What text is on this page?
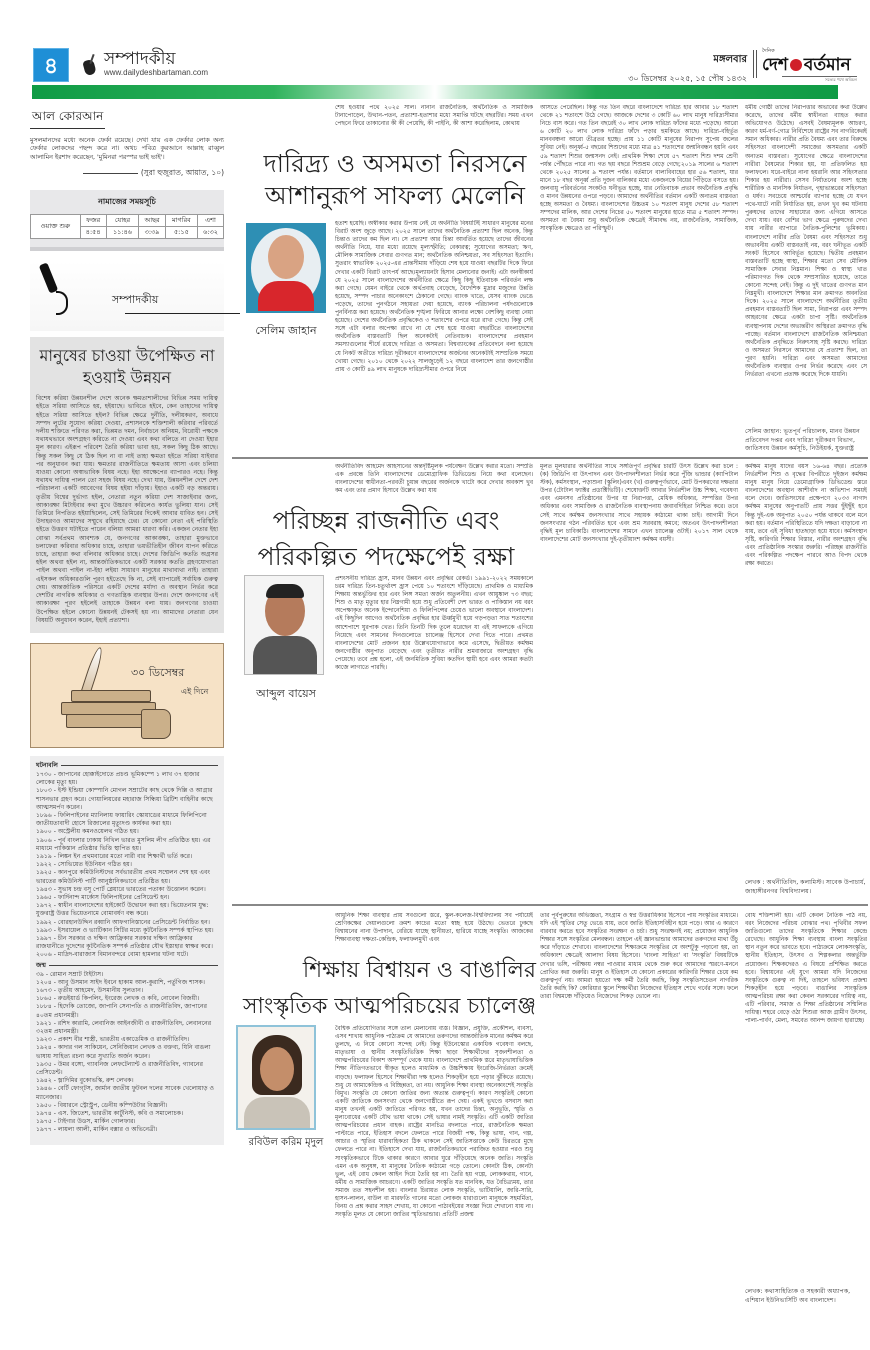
৪	সম্পাদকীয়
www.dailydeshbartaman.com
মঙ্গলবার
৩০ ডিসেম্বর ২০২৫, ১৫ পৌষ ১৪৩২
দৈনিক
দেশ বর্তমান
সত্যের পথে অবিচল
আল কোরআন
মুসলমানদের মধ্যে অনেক ফের্কা রয়েছে। দেখা যায় এক ফের্কার লোক অন্য ফের্কার লোকদের পছন্দ করে না। অথচ পবিত্র কুরআনে আল্লাহ রাব্বুল আলামিন ইরশাদ করেছেন, 'মুমিনরা পরস্পর ভাই ভাই'।
(সুরা হুজুরাত, আয়াত, ১০)
নামাজের সময়সূচি
ওয়াক্ত শুরু	ফজর	যোহর	আছর	মাগরিব	এশা
	৪:৫৪	১১:৪৬	৩:৩৯	৫:১৫	৬:৩২
সম্পাদকীয়
মানুষের চাওয়া উপেক্ষিত না হওয়াই উন্নয়ন
বিশেষ করিয়া উন্নয়নশীল দেশে অনেক ক্ষমতাশালীদের বিভিন্ন সময় দায়িত্ব হইতে সরিয়া আসিতে হয়, হইয়াছে। ভাবিতে হইবে, কেন তাহাদের দায়িত্ব হইতে সরিয়া আসিতে হইল? বিভিন্ন ক্ষেত্রে দুর্নীতি, দলীয়করণ, অবাধে সম্পদ লুটের সুযোগ করিয়া দেওয়া, প্রশাসনকে শক্তিশালী করিবার পরিবর্তে দলীয় শক্তিতে পরিণত করা, ভিন্নমত দমন, নির্বাচনে অনিয়ম, বিরোধী পক্ষকে যথাযথভাবে অংশগ্রহণ করিতে না দেওয়া এবং কথা বলিতে না দেওয়া ইহার মূল কারণ। এইরূপ পরিবেশ তৈরি করিয়া ভাবা হয়, সকল কিছু ঠিক আছে। কিন্তু সকল কিছু যে ঠিক ছিল না বা নাই তাহা ক্ষমতা হইতে সরিয়া যাইবার পর অনুধাবন করা যায়। ক্ষমতার রাজনীতিতে ক্ষমতায় আসা এবং চলিয়া যাওয়া কোনো অস্বাভাবিক বিষয় নহে। ইহা আক্ষেপের ব্যাপারও নহে। কিন্তু যথাযথ দায়িত্ব পালন তো সহজ বিষয় নহে। দেখা যায়, উন্নয়নশীল দেশে দেশ পরিচালনা একটি আবেগের বিষয় হইয়া দাঁড়ায়। ইহাও একটি বড় অন্তরায়। তৃতীয় বিশ্বের দুর্ভাগ্য হইল, নেতারা নতুন করিয়া দেশ সাজাইবার জন্য, আকাঙ্ক্ষা মিটাইবার কথা মুখে উচ্চারণ করিলেও কার্যত ভুলিয়া যান। সেই তিমিরে নিপতিত হইয়াছিলেন, সেই তিমিরের দিকেই আবার ধাবিত হন। সেই উদাহরণও আমাদের সম্মুখে রহিয়াছে ঢের। যে কোনো নেতা এই পরিস্থিতি হইতে উত্তরণ ঘটাইতে পারেন বলিয়া আমরা ধারণা করি। একজন নেতার ইহা বোঝা সর্বপ্রথম আবশ্যক যে, জনগণের আকাঙ্ক্ষা, তাহারা মুক্তভাবে চলাফেরা করিবার অধিকার চাহে, তাহারা ভয়ভীতিহীন জীবন যাপন করিতে চাহে, তাহারা কথা বলিবার অধিকার চাহে। দেশের জিডিপি কততি অগ্রসর হইল অথবা হইল না, আন্তর্জাতিকভাবে একটি সরকার কততি গ্রহণযোগ্যতা পাইল অথবা পাইল না-ইহা লইয়া সাধারণ মানুষের মাথাব্যথা নাই। তাহারা এইসকল অধিকারগুলি পূরণ হইতেছে কি না, সেই ব্যাপারেই সর্বাধিক গুরুত্ব দেয়। আন্তর্জাতিক পরিসরে একটি দেশের মর্যাদা ও অবস্থান নির্ভর করে দেশটির নাগরিক অধিকার ও গণতান্ত্রিক ব্যবস্থার উপর। দেশে জনগণের এই আকাঙ্ক্ষা পূরণ হইলেই তাহাকে উন্নয়ন বলা যায়। জনগণের চাওয়া উপেক্ষিত হইলে কোনো উন্নয়নই টেকসই হয় না। আমাদের নেতারা যেন বিষয়টি অনুধাবন করেন, ইহাই প্রত্যাশা।
৩০ ডিসেম্বর
এই দিনে
ঘটনাবলি
১৭৩০ - জাপানের হোক্কাইদোতে প্রচণ্ড ভূমিকম্পে ১ লাখ ৩৭ হাজার লোকের মৃত্যু হয়।
১৮০৩ - ইস্ট ইন্ডিয়া কোম্পানি মোগল সম্রাটের কাছ থেকে দিল্লি ও আগ্রার শাসনভার গ্রহণ করে। গোয়ালিয়রের মহারাজ সিন্ধিয়া ব্রিটিশ বাহিনীর কাছে আত্মসমর্পণ করেন।
১৮৯৬ - ফিলিপাইনের ম্যানিলায় ফায়ারিং স্কোয়াডের মাধ্যমে ফিলিপিনো জাতীয়তাবাদী হোসে রিজালের মৃত্যুদণ্ড কার্যকর করা হয়।
১৯০০ - অস্ট্রেলীয় কমনওয়েলথ গঠিত হয়।
১৯০৬ - পূর্ব বাংলার ঢাকায় নিখিল ভারত মুসলিম লীগ প্রতিষ্ঠিত হয়। এর মাধ্যমে পাকিস্তান প্রতিষ্ঠার ভিত্তি স্থাপিত হয়।
১৯১৯ - লিঙ্কন ইন প্রথমবারের মতো নারী বার শিক্ষার্থী ভর্তি করে।
১৯২২ - সোভিয়েত ইউনিয়ন গঠিত হয়।
১৯২৫ - কানপুরে কমিউনিস্টদের সর্বভারতীয় প্রথম সম্মেলন শেষ হয় এবং ভারতের কমিউনিস্ট পার্টি আনুষ্ঠানিকভাবে প্রতিষ্ঠিত হয়।
১৯৪৩ - সুভাষ চন্দ্র বসু পোর্ট ব্লেয়ারে ভারতের পতাকা উত্তোলন করেন।
১৯৬৫ - ফার্দিনান্দ মার্কোস ফিলিপাইনের প্রেসিডেন্ট হন।
১৯৭২ - স্বাধীন বাংলাদেশের হাইকোর্ট উদ্বোধন করা হয়। ভিয়েতনাম যুদ্ধ: যুক্তরাষ্ট্র উত্তর ভিয়েতনামে বোমাবর্ষণ বন্ধ করে।
১৯৯২ - বোরহানউদ্দিন রব্বানি আফগানিস্তানের প্রেসিডেন্ট নির্বাচিত হন।
১৯৯৩ - ইসরায়েল ও ভ্যাটিকান সিটির মধ্যে কূটনৈতিক সম্পর্ক স্থাপিত হয়।
১৯৯৭ - চীন সরকার ও দক্ষিণ আফ্রিকার সরকার দক্ষিণ আফ্রিকার রাজধানীতে দুদেশের কূটনৈতিক সম্পর্ক প্রতিষ্ঠার যৌথ ইস্তাহার স্বাক্ষর করে।
২০০৬ - মাদ্রিদ-বারাজাস বিমানবন্দরে বোমা হামলার ঘটনা ঘটে।
জন্ম
৩৯ - রোমান সম্রাট টাইটাস।
১২০৪ - আবু উসমান সাইদ ইবনে হাকাম আল-কুরাশি, পর্তুগিজ শাসক।
১৬৭৩ - তৃতীয় আহমেদ, উসমানীয় সুলতান।
১৮৬৫ - রুডইয়ার্ড কিপলিং, ইংরেজ লেখক ও কবি, নোবেল বিজয়ী।
১৮৮৪ - হিদেকি তোজো, জাপানি সেনাপতি ও রাজনীতিবিদ, জাপানের ৪০তম প্রধানমন্ত্রী।
১৯২১ - রশিদ কারামি, লেবানিজ আইনজীবী ও রাজনীতিবিদ, লেবাননের ৩২তম প্রধানমন্ত্রী।
১৯২৩ - প্রকাশ বীর শাস্ত্রী, ভারতীয় একাডেমিক ও রাজনীতিবিদ।
১৯২৪ - কাদার গল সাকিয়েন, সেনিজিয়ান লেখক ও বক্তব্য, যিনি বাঙলা ভাষায় সাহিত্য রচনা করে সুখ্যাতি অর্জন করেন।
১৯৩৫ - উমর বঙ্গো, গ্যাবনিজ লেফটেন্যান্ট ও রাজনীতিবিদ, গ্যাবনের প্রেসিডেন্ট।
১৯৪২ - ভ্লাদিমির বুকোভস্কি, রুশ লেখক।
১৯৪৬ - বের্টি ফোগ্‌টস, জার্মান জাতীয় ফুটবল দলের সাবেক খেলোয়াড় ও ম্যানেজার।
১৯৫০ - বিয়ারনে স্ট্রোস্ট্রুপ, ডেনীয় কম্পিউটার বিজ্ঞানী।
১৯৭৪ - এস. জিতেশ, ভারতীয় কার্টুনিস্ট, কবি ও সমালোচক।
১৯৭৫ - টাইগার উডস, মার্কিন গোলফার।
১৯৭৭ - লায়লা আলী, মার্কিন বক্সার ও অভিনেত্রী।
শেষ হওয়ার পথে ২০২৫ সাল। নানান রাজনৈতিক, অর্থনৈতিক ও সামাজিক টানাপোড়েন, উত্থান-পতন, প্রত্যাশা-হতাশার মধ্যে সমাপ্তি ঘটছে বছরটির। সময় এখন পেছনে ফিরে তাকানোর কী কী পেয়েছি, কী পাইনি, কী আশা করেছিলাম, কোথায়
দারিদ্র্য ও অসমতা নিরসনে
আশানুরূপ সাফল্য মেলেনি
সেলিম জাহান
হতাশ হয়েছি। অস্বীকার করার উপায় নেই যে অর্থনীতি বিষয়টিই সাধারণ মানুষের মনের বিরাট অংশ জুড়ে আছে। ২০২৫ সালে তাদের অর্থনৈতিক প্রত্যাশা ছিল অনেক, কিন্তু চিন্তাও তাদের কম ছিল না। সে প্রত্যাশা আর চিন্তা আবর্তিত হয়েছে তাদের জীবনের অর্থনীতি নিয়ে, যার মধ্যে রয়েছে মূল্যস্ফীতি; বেকারত্ব; সুযোগের অসমতা; ঋণ, মৌলিক সামাজিক সেবার গুণগত মান; অর্থনৈতিক অনিশ্চয়তা, সব সহিংসতা ইত্যাদি। সুতরাং স্বাভাবিক ২০২৫-এর প্রান্তসীমায় দাঁড়িয়ে শেষ হয়ে যাওয়া বছরটির দিকে ফিরে দেখার একটি বিরাট তাৎপর্য আছে।মূল্যায়নটা হিসাব মেলানোর জন্যই। এটা অনস্বীকার্য যে ২০২৫ সালে বাংলাদেশের অর্থনীতির ক্ষেত্রে কিছু কিছু ইতিবাচক পরিবর্তন লক্ষ করা গেছে। যেমন বাইরে থেকে অর্থপ্রবাহ বেড়েছে, বৈদেশিক মুদ্রার মজুদের উন্নতি হয়েছে, সম্পদ পাচার অনেকাংশে ঠেকানো গেছে। ব্যাংক খাতে, যেসব ব্যাংক ভেঙে পড়েছে, তাদের পুনর্গঠনে সহায়তা দেয়া হয়েছে, ব্যাংক পরিচালনা পর্ষদগুলোকে পুনর্বিন্যস্ত করা হয়েছে। অর্থনৈতিক শৃঙ্খলা ফিরিয়ে আনার লক্ষ্যে বেশকিছু ব্যবস্থা নেয়া হয়েছে। দেশের অর্থনৈতিক প্রবৃদ্ধিকেও ৩ শতাংশের ওপরে ধরে রাখা গেছে। কিন্তু সেই সঙ্গে এটা বলার অপেক্ষা রাখে না যে শেষ হয়ে যাওয়া বছরটিতে বাংলাদেশের অর্থনৈতিক বাস্তবতাটি ছিল অনেকটাই নেতিবাচক। বাংলাদেশের প্রবহমান সমস্যাগুলোর শীর্ষে রয়েছে দারিদ্র্য ও অসমতা। বিশ্বব্যাংকের প্রতিবেদনে বলা হয়েছে যে নিকট অতীতে দারিদ্র্য দূরীকরণে বাংলাদেশের অর্জনের অনেকটাই সাম্প্রতিক সময়ে খোয়া গেছে। ২০১০ থেকে ২০২২ সালজুড়েই ১২ বছরে বাংলাদেশ তার জনগোষ্ঠীর প্রায় ৩ কোটি ৪৯ লাখ মানুষকে দারিদ্র্যসীমার ওপরে নিয়ে
আসতে পেরেছিল। কিন্তু গত তিন বছরে বাংলাদেশে দারিদ্র্য হার আবার ১৮ শতাংশ থেকে ২১ শতাংশে উঠে গেছে। আজকে দেশের ৩ কোটি ৬০ লাখ মানুষ দারিদ্র্যসীমার নিচে বাস করে। গত তিন বছরেই ৩০ লাখ লোক দারিদ্র্য ফাঁদের মধ্যে পড়েছে। আরো ৬ কোটি ২০ লাখ লোক দারিদ্র্য ফাঁদে পড়ার হুমকিতে আছে। দারিদ্র্য-বহির্ভূত মানববঞ্চনা আরো তীব্রতর হচ্ছে। প্রায় ১১ কোটি মানুষের নিরাপদ সুপেয় জলের সুবিধা নেই। অনূর্ধ্ব-৫ বছরের শিশুদের মধ্যে মাত্র ৪১ শতাংশের জন্মনিবন্ধন হয়নি এবং ৫৯ শতাংশ শিশুর জন্মসনদ নেই। প্রাথমিক শিক্ষা শেষে ৫৭ শতাংশ শিশু দশম শ্রেণী পর্যন্ত পৌঁছতে পারে না। গত ছয় বছরে শিশুশ্রম বেড়ে গেছে;২০১৯ সালের ৬ শতাংশ থেকে ২০২৫ সালের ৯ শতাংশ পর্যন্ত। বর্তমানে বাল্যবিবাহের হার ৫৬ শতাংশ, যার মানে ১৮ বছর অনূর্ধ্ব প্রতি দুজন বালিকার মধ্যে একজনকে বিয়ের পিঁড়িতে বসতে হয়। জলবায়ু পরিবর্তনের সংকটও ঘনীভূত হচ্ছে, যার নেতিবাচক প্রভাব অর্থনৈতিক প্রবৃদ্ধি ও মানব উন্নয়নের ওপরে পড়বে। আমাদের অর্থনীতির বর্তমান একটি অন্যতম বাস্তবতা হচ্ছে অসমতা ও বৈষম্য। বাংলাদেশের উচ্চতম ১০ শতাংশ মানুষ দেশের ৫৮ শতাংশ সম্পদের মালিক, আর দেশের নিচের ৫০ শতাংশ মানুষের হাতে মাত্র ৫ শতাংশ সম্পদ। অসমতা বা বৈষম্য শুধু অর্থনৈতিক ক্ষেত্রেই সীমাবদ্ধ নয়, রাজনৈতিক, সামাজিক, সাংস্কৃতিক ক্ষেত্রেও তা পরিস্ফুট।
ধর্মীয় গোষ্ঠী তাদের নিরাপত্তার অভাবের কথা উল্লেখ করেছে, তাদের ধর্মীয় স্বাধীনতা ব্যাহত করার অভিযোগও উঠেছে। এসবই বৈষম্যমূলক আচরণ, কারণ ধর্ম-বর্ণ-গোত্র নির্বিশেষে রাষ্ট্রের সব নাগরিকেরই সমান অধিকার। নারীর প্রতি বৈষম্য এবং তার বিরুদ্ধে সহিংসতা বাংলাদেশী সমাজের অসমতার একটি অন্যতম বাস্তবতা। সুযোগের ক্ষেত্রে বাংলাদেশের নারীরা বৈষম্যের শিকার হয়, যা প্রতিফলিত হয় ফলাফলে। ঘরে-বাইরে নানা হয়রানি আর সহিংসতার শিকার হয় নারীরা। সেসব নির্যাতনের অংশ হচ্ছে শারীরিক ও মানসিক নির্যাতন, গৃহাভ্যন্তরের সহিংসতা ও ধর্ষণ। সবচেয়ে আশ্চর্যের ব্যাপার হচ্ছে যে যখন পথে-ঘাটে নারী নির্যাতিত হয়, তখন খুব কম ঘটনায় পুরুষদের তাদের সাহায্যের জন্য এগিয়ে আসতে দেখা যায়। বরং বেশির ভাগ ক্ষেত্রে পুরুষদের দেখা যায় নারীর ব্যাপারে নৈতিক-পুলিশের ভূমিকায়। বাংলাদেশে নারীর প্রতি বৈষম্য এবং সহিংসতা শুধু অভাবনীয় একটি বাস্তবতাই নয়, বরং ঘনীভূত একটি সংকট হিসেবে আবির্ভূত হয়েছে। দ্বিতীয় প্রবহমান বাস্তবতাটি হচ্ছে স্বাস্থ্য, শিক্ষার মতো সেব মৌলিক সামাজিক সেবার নিম্নমান। শিক্ষা ও স্বাস্থ্য খাত পরিমাণগত দিক থেকে সম্প্রসারিত হয়েছে, তাতে কোনো সন্দেহ নেই। কিন্তু এ দুই খাতের গুণগত মান নিম্নমুখী। বাংলাদেশে শিক্ষার মান ক্রমাগত অবনতির দিকে। ২০২৫ সালে বাংলাদেশে অর্থনীতির তৃতীয় প্রবহমান বাস্তবতাটি ছিল সাম্য, নিরাপত্তা এবং সম্পদ আহরণের ক্ষেত্রে একটা চাপা সৃষ্টি। অর্থনৈতিক ব্যবস্থাপনায় দেশের অভ্যন্তরীণ অস্থিরতা ক্রমাগত বৃদ্ধি পাচ্ছে। বর্তমান বাংলাদেশে রাজনৈতিক অনিশ্চয়তা অর্থনৈতিক প্রবৃদ্ধিতে নিরুৎসাহ সৃষ্টি করছে। দারিদ্র্য ও অসমতা নিরসনে আমাদের যে প্রত্যাশা ছিল, তা পূরণ হয়নি। দারিদ্র্য এবং অসমতা আমাদের অর্থনৈতিক ব্যবস্থার ওপর নির্ভর করেছে এবং সে নির্ভরতা এখনো প্রত্যক্ষ করেছে দিকে যায়নি।
সেলিম জাহান: ভূতপূর্ব পরিচালক, মানব উন্নয়ন প্রতিবেদন দপ্তর এবং দারিদ্র্য দূরীকরণ বিভাগ, জাতিসংঘ উন্নয়ন কর্মসূচি, নিউইয়র্ক, যুক্তরাষ্ট্র
অর্থনীতিবিদ আহমেদ আহসানের অন্তর্দৃষ্টিমূলক পর্যবেক্ষণ উল্লেখ করার মতো। সম্প্রতি এক প্রবন্ধে তিনি বাংলাদেশের ডেমোগ্রাফিক ডিভিডেন্ড নিয়ে কথা বলেছেন। বাংলাদেশের স্বাধীনতা-পরবর্তী চুয়ান্ন বছরের অর্জনকে খাটো করে দেখার অবকাশ খুব কম এবং তার প্রমাণ হিসাবে উল্লেখ করা যায়
পরিচ্ছন্ন রাজনীতি এবং
পরিকল্পিত পদক্ষেপেই রক্ষা
আব্দুল বায়েস
প্রশংসনীয় দারিদ্র্য হ্রাস, মানব উন্নয়ন এবং প্রবৃদ্ধির রেকর্ড। ১৯৯১-২০২২ সময়কালে চরম দারিদ্র্য তিন-চতুর্থাংশ হ্রাস পেয়ে ১০ শতাংশে দাঁড়িয়েছে। প্রাথমিক ও মাধ্যমিক শিক্ষায় অন্তর্ভুক্তির হার এবং লিঙ্গ সমতা অর্জন অতুলনীয়। এখন আয়ুষ্কাল ৭৩ বছর; শিশু ও মাতৃ মৃত্যুর হার নিম্নগামী হয়ে শুধু প্রতিবেশী দেশ ভারত ও পাকিস্তান নয় বরং অপেক্ষাকৃত অনেক ইন্দোনেশিয়া ও ফিলিপিন্সের চেয়েও ভালো অবস্থানে বাংলাদেশ। এই কিছুদিন আগেও অর্থনৈতিক প্রবৃদ্ধির হার ঊর্ধ্বমুখী হয়ে গড়পড়তা সাত শতাংশের আশেপাশে ঘুরপাক খেত। তিনি তিনটি দিক তুলে ধরেছেন যা এই সাফল্যকে এগিয়ে নিয়েছে এবং সামনের দিনগুলোতে চ্যালেঞ্জ হিসেবে দেখা দিতে পারে। প্রথমত বাংলাদেশের মোট প্রজনন হার উল্লেখযোগ্যভাবে কমে এসেছে, দ্বিতীয়ত কর্মক্ষম জনগোষ্ঠীর অনুপাত বেড়েছে এবং তৃতীয়ত নারীর শ্রমবাজারে অংশগ্রহণ বৃদ্ধি পেয়েছে। তবে প্রশ্ন হলো, এই জনমিতিক সুবিধা কতদিন স্থায়ী হবে এবং আমরা কতটা কাজে লাগাতে পারছি।
মূলত মূলধারার অর্থনীতির সাথে সঙ্গতিপূর্ণ প্রবৃদ্ধির চারটি উৎস উল্লেখ করা চলে : (ক) জিডিপি বা উৎপাদন এবং উৎপাদনশীলতা নির্ভর করে পুঁজি ভান্ডার (ক্যাপিটাল স্টক), কর্মসংস্থান, পড়াশুনা (স্কুলিং)এবং (খ) গুরুত্বপূর্ণভাবে, মোট উপকরণের দক্ষতার উপর (টোটাল ফ্যাক্টর প্রডাক্টিভিটি)। শেষোক্তটি আবার নির্ভরশীল উচ্চ শিক্ষা, গবেষণা এবং এমনসব প্রতিষ্ঠানের উপর যা নিরাপত্তা, মেধিক অধিকার, সম্পত্তির উপর অধিকার এবং সামাজিক ও রাজনৈতিক ব্যবস্থাপনায় জবাবদিহিতা নিশ্চিত করে। তবে সেই সাথে কর্মক্ষম জনসংখ্যার সাথে সহায়ক কাঠামো থাকা চাই। আগামী দিনে জনসংখ্যার গঠন পরিবর্তিত হবে এবং শ্রম সরবরাহ কমবে; অতএব উৎপাদনশীলতা বৃদ্ধিই মূল চাবিকাঠি। বাংলাদেশের সামনে এখন চ্যালেঞ্জ ওটাই। ২০১৭ সাল থেকে বাংলাদেশের মোট জনসংখ্যার দুই-তৃতীয়াংশ কর্মক্ষম বয়সী।
কর্মক্ষম মানুষ যাদের বয়স ১৬-৬৪ বছর। প্রত্যেক নির্ভরশীল শিশু ও বৃদ্ধের বিপরীতে দুইজন কর্মক্ষম মানুষ মানুষ নিয়ে ডেমোগ্রাফিক ডিভিডেন্ড স্তরে বাংলাদেশের অবস্থান আশীর্বাদ না অভিশাপ সময়ই বলে দেবে। জাতিসংঘের প্রক্ষেপণে ২০৩৩ নাগাদ কর্মক্ষম মানুষের অনুপাতটি প্রায় সত্তর ছুঁইছুঁই হবে কিন্তু দুই-এক অনুপাত ২০৫০ পর্যন্ত থাকবে বলে মনে করা হয়। বর্তমান পরিস্থিতিতে যদি দক্ষতা বাড়ানো না যায়, তবে এই সুবিধা হাতছাড়া হয়ে যাবে। কর্মসংস্থান সৃষ্টি, কারিগরি শিক্ষার বিস্তার, নারীর অংশগ্রহণ বৃদ্ধি এবং প্রাতিষ্ঠানিক সংস্কার জরুরি। পরিচ্ছন্ন রাজনীতি এবং পরিকল্পিত পদক্ষেপ পারবে আও বিপদ থেকে রক্ষা করতে।
লেখক : অর্থনীতিবিদ, কলামিস্ট। সাবেক উপাচার্য, জাহাঙ্গীরনগর বিশ্ববিদ্যালয়।
আধুনিক শিক্ষা ব্যবস্থার প্রায় সবগুলো স্তরে, স্কুল-কলেজ-বিশ্ববিদ্যালয় সব পর্যায়েই শ্রেণিকক্ষের দেয়ালগুলো ক্রমশ কাচের মতো স্বচ্ছ হয়ে উঠছে। ভেতরে ঢুকছে বিশ্বায়নের নানা উপাদান, বেরিয়ে যাচ্ছে স্থানীয়তা, হারিয়ে যাচ্ছে সংস্কৃতি। আজকের শিক্ষাব্যবস্থা দক্ষতা-কেন্দ্রিক, ফলাফলমুখী এবং
শিক্ষায় বিশ্বায়ন ও বাঙালির
সাংস্কৃতিক আত্মপরিচয়ের চ্যালেঞ্জ
রবিউল করিম মৃদুল
বৈশ্বিক প্রতিযোগিতার সঙ্গে তাল মেলানোয় ব্যস্ত। বিজ্ঞান, প্রযুক্তি, প্রকৌশল, ব্যবসা, এসব শাখায় আধুনিক পাঠ্যক্রম যে আমাদের তরুণদের আন্তর্জাতিক মানের কর্মক্ষম করে তুলছে, এ নিয়ে কোনো সন্দেহ নেই। কিন্তু ইউনেস্কোর একাধিক গবেষণা বলছে, মাতৃভাষা ও স্থানীয় সংস্কৃতিভিত্তিক শিক্ষা ছাড়া শিক্ষার্থীদের সৃজনশীলতা ও আত্মপরিচয়ের বিকাশ অসম্পূর্ণ থেকে যায়। বাংলাদেশে প্রাথমিক স্তরে মাতৃভাষাভিত্তিক শিক্ষা নীতিগতভাবে স্বীকৃত হলেও মাধ্যমিক ও উচ্চশিক্ষায় ইংরেজি-নির্ভরতা ক্রমেই বাড়ছে। ফলাফল হিসেবে শিক্ষার্থীরা দক্ষ হলেও শিকড়হীন হয়ে পড়ার ঝুঁকিতে রয়েছে। শুধু যে আমাকেন্দ্রিক এ বিচ্ছিন্নতা, তা নয়। আধুনিক শিক্ষা ব্যবস্থা অনেকাংশেই সংস্কৃতি বিমুখ। সংস্কৃতি যে কোনো জাতির জন্য অত্যন্ত গুরুত্বপূর্ণ। কারণ সংস্কৃতিই কোনো একটি জাতিকে জনসংখ্যা থেকে জনগোষ্ঠীতে রূপ দেয়। একই ভূখণ্ডে বসবাস করা মানুষ তখনই একটি জাতিতে পরিণত হয়, যখন তাদের চিন্তা, অনুভূতি, স্মৃতি ও মূল্যবোধের একটি যৌথ ভাষা থাকে। সেই ভাষার নামই সংস্কৃতি। এটি একটি জাতির আত্মপরিচয়ের প্রধান বাহক। রাষ্ট্রের মানচিত্র বদলাতে পারে, রাজনৈতিক ক্ষমতা পাল্টাতে পারে, ইতিহাস বদলে ফেলতে পারে বিজয়ী পক্ষ, কিন্তু ভাষা, গান, গল্প, আচার ও স্মৃতির ধারাবাহিকতা ঠিক থাকলে সেই জাতিসত্তাকে কেউ চিরতরে মুছে ফেলতে পারে না। ইতিহাসে দেখা যায়, রাজনৈতিকভাবে পরাজিত হওয়ার পরও শুধু সাংস্কৃতিকভাবে টিকে থাকার কারণে আবার ঘুরে দাঁড়িয়েছে অনেক জাতি। সংস্কৃতি এমন এক অনুষঙ্গ, যা মানুষের নৈতিক কাঠামো গড়ে তোলে। কোনটা ঠিক, কোনটা ভুল, এই বোধ কেবল আইন দিয়ে তৈরি হয় না। তৈরি হয় গল্পে, লোককথায়, গানে, ধর্মীয় ও সামাজিক আচরণে। একটি জাতির সংস্কৃতি যত মানবিক, যত বৈচিত্র্যময়, তার সমাজ তত সহনশীল হয়। বাংলার চিরায়ত লোক সংস্কৃতি, ভাটিয়ালি, জারি-সারি, হাসন-লালন, বাউল বা মারফতি গানের মতো লোকজ ধারাগুলো মানুষকে সহমর্মিতা, বিনয় ও প্রশ্ন করার সাহস শেখায়, যা কোনো পাঠ্যবইয়ের সংজ্ঞা দিয়ে শেখানো যায় না। সংস্কৃতি মূলত যে কোনো জাতির স্মৃতিভান্ডার। প্রতিটি প্রজন্ম
তার পূর্বপুরুষের অভিজ্ঞতা, সংগ্রাম ও স্বপ্ন উত্তরাধিকার হিসেবে পায় সংস্কৃতির মাধ্যমে। যদি এই স্মৃতির সেতু ভেঙে যায়, তবে জাতি ইতিহাসবিহীন হয়ে পড়ে। আর এ কারণে বারবার করতে হবে সংস্কৃতির সংরক্ষণ ও চর্চা। শুধু সংরক্ষণই নয়; প্রয়োজন আধুনিক শিক্ষার সঙ্গে সংস্কৃতির মেলবন্ধন। তাহলে এই জ্ঞানভান্ডার আমাদের তরুণদের মাথা উঁচু করে দাঁড়াতে শেখাবে। বাংলাদেশের শিক্ষাক্রমে সংস্কৃতির যে অংশটুকু পড়ানো হয়, তা অধিকাংশ ক্ষেত্রেই আলাদা বিষয় হিসেবে। 'বাংলা সাহিত্য' বা 'সংস্কৃতি' বিষয়টিকে দেখার ভঙ্গি, পরীক্ষায় নম্বর পাওয়ার মাধ্যম থেকে শুরু করে আমাদের স্মরণে-মননে প্রোথিত করা জরুরি। মানুষ ও ইতিহাস যে কোনো প্রকারের কারিগরি শিক্ষার চেয়ে কম গুরুত্বপূর্ণ নয়। আমরা হয়তো দক্ষ কর্মী তৈরি করছি, কিন্তু সংস্কৃতিসচেতন নাগরিক তৈরি করছি কি? কোরিয়ার স্কুলে শিক্ষার্থীরা নিজেদের ইতিহাস শেখে গর্বের সঙ্গে। ফলে তারা বিশ্বমঞ্চে দাঁড়িয়েও নিজেদের শিকড় ভোলে না।
বোধ শক্তিশালী হয়। এটি কেবল নৈতিক পাঠ নয়, বরং নিজেদের পরিচয় বোঝার পথ। পৃথিবীর সফল জাতিগুলো তাদের সংস্কৃতিকে শিক্ষার কেন্দ্রে রেখেছে। আধুনিক শিক্ষা ব্যবস্থায় বাংলা সংস্কৃতির স্থান নতুন করে ভাবতে হবে। পাঠ্যক্রমে লোকসংস্কৃতি, স্থানীয় ইতিহাস, উৎসব ও শিল্পকলার অন্তর্ভুক্তি প্রয়োজন। শিক্ষকদেরও এ বিষয়ে প্রশিক্ষিত করতে হবে। বিশ্বায়নের এই যুগে আমরা যদি নিজেদের সংস্কৃতিকে গুরুত্ব না দিই, তাহলে ভবিষ্যৎ প্রজন্ম শিকড়হীন হয়ে পড়বে। বাঙালির সাংস্কৃতিক আত্মপরিচয় রক্ষা করা কেবল সরকারের দায়িত্ব নয়, এটি পরিবার, সমাজ ও শিক্ষা প্রতিষ্ঠানের সম্মিলিত দায়িত্ব। শহরে বেড়ে ওঠা শিশুরা আজ গ্রামীণ উৎসব, পালা-পার্বণ, মেলা, সমবেত আনন্দ জায়গা হারাচ্ছে।
লেখক: কথাসাহিত্যিক ও সহকারী অধ্যাপক, এশিয়ান ইউনিভার্সিটি অব বাংলাদেশ।
